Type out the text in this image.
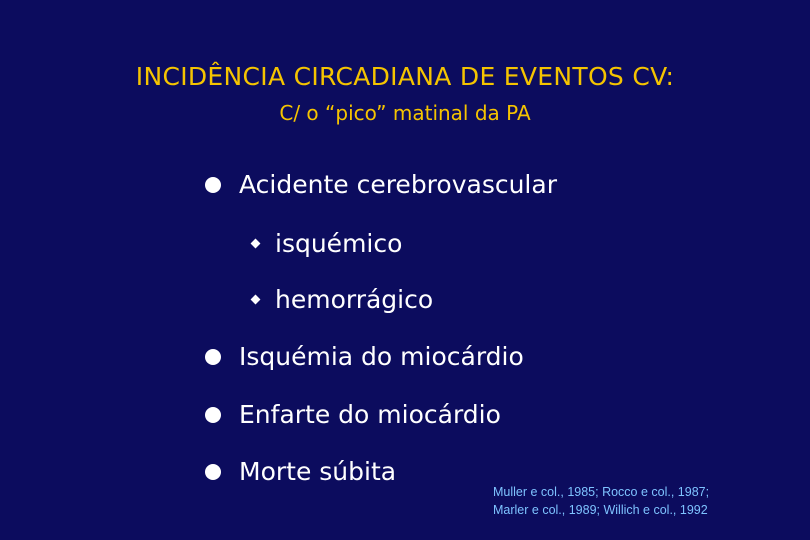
INCIDÊNCIA CIRCADIANA DE EVENTOS CV:
C/ o “pico” matinal da PA
Acidente cerebrovascular
isquémico
hemorrágico
Isquémia do miocárdio
Enfarte do miocárdio
Morte súbita
Muller e col., 1985; Rocco e col., 1987;
Marler e col., 1989; Willich e col., 1992
